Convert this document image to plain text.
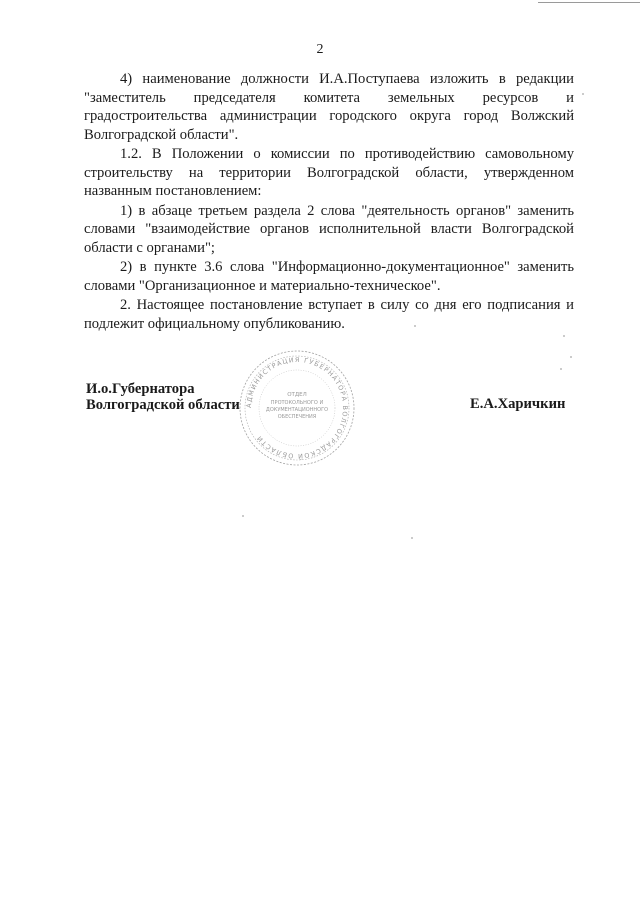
2

4) наименование должности И.А.Поступаева изложить в редакции "заместитель председателя комитета земельных ресурсов и градостроительства администрации городского округа город Волжский Волгоградской области".

1.2. В Положении о комиссии по противодействию самовольному строительству на территории Волгоградской области, утвержденном названным постановлением:

1) в абзаце третьем раздела 2 слова "деятельность органов" заменить словами "взаимодействие органов исполнительной власти Волгоградской области с органами";

2) в пункте 3.6 слова "Информационно-документационное" заменить словами "Организационное и материально-техническое".

2. Настоящее постановление вступает в силу со дня его подписания и подлежит официальному опубликованию.

АДМИНИСТРАЦИЯ ГУБЕРНАТОРА ВОЛГОГРАДСКОЙ ОБЛАСТИ
ОТДЕЛ
ПРОТОКОЛЬНОГО И
ДОКУМЕНТАЦИОННОГО
ОБЕСПЕЧЕНИЯ
И.о.Губернатора
Волгоградской области	Е.А.Харичкин
